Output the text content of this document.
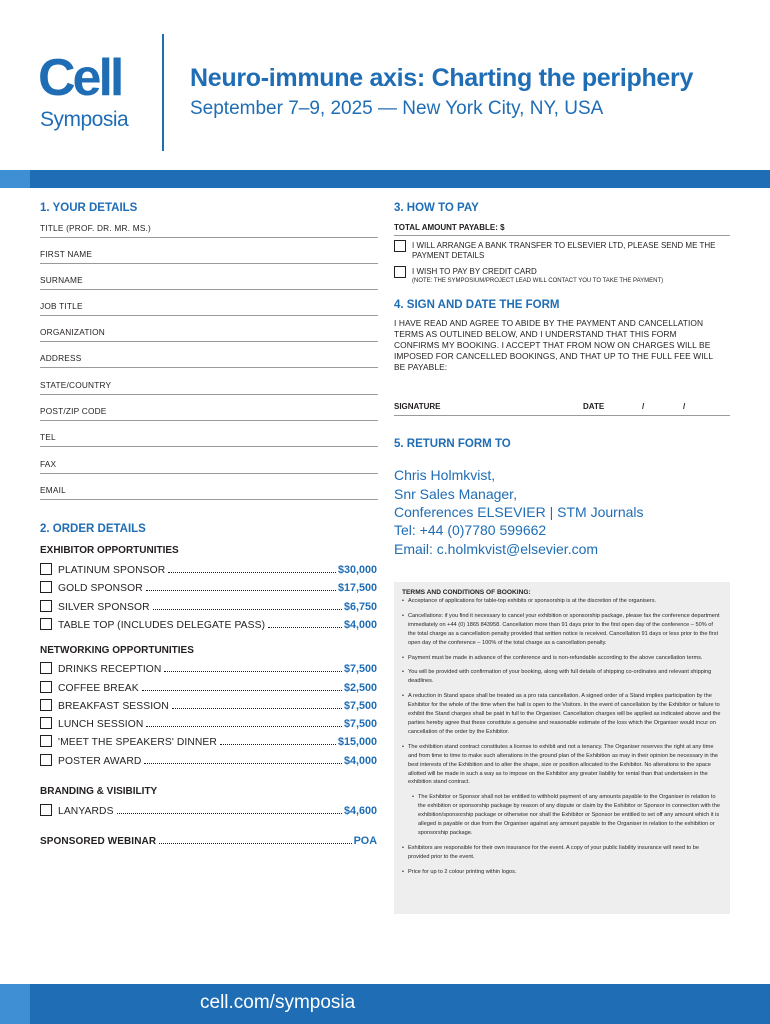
Cell
Symposia
Neuro-immune axis: Charting the periphery
September 7–9, 2025 — New York City, NY, USA
1. YOUR DETAILS
TITLE (PROF. DR. MR. MS.)
FIRST NAME
SURNAME
JOB TITLE
ORGANIZATION
ADDRESS
STATE/COUNTRY
POST/ZIP CODE
TEL
FAX
EMAIL
2. ORDER DETAILS
EXHIBITOR OPPORTUNITIES
PLATINUM SPONSOR	$30,000
GOLD SPONSOR	$17,500
SILVER SPONSOR	$6,750
TABLE TOP (INCLUDES DELEGATE PASS)	$4,000
NETWORKING OPPORTUNITIES
DRINKS RECEPTION	$7,500
COFFEE BREAK	$2,500
BREAKFAST SESSION	$7,500
LUNCH SESSION	$7,500
'MEET THE SPEAKERS' DINNER	$15,000
POSTER AWARD	$4,000
BRANDING & VISIBILITY
LANYARDS	$4,600
SPONSORED WEBINAR	POA
3. HOW TO PAY
TOTAL AMOUNT PAYABLE: $
I WILL ARRANGE A BANK TRANSFER TO ELSEVIER LTD, PLEASE SEND ME THE PAYMENT DETAILS
I WISH TO PAY BY CREDIT CARD
(NOTE: THE SYMPOSIUM/PROJECT LEAD WILL CONTACT YOU TO TAKE THE PAYMENT)
4. SIGN AND DATE THE FORM
I HAVE READ AND AGREE TO ABIDE BY THE PAYMENT AND CANCELLATION TERMS AS OUTLINED BELOW, AND I UNDERSTAND THAT THIS FORM CONFIRMS MY BOOKING. I ACCEPT THAT FROM NOW ON CHARGES WILL BE IMPOSED FOR CANCELLED BOOKINGS, AND THAT UP TO THE FULL FEE WILL BE PAYABLE:
SIGNATURE	DATE	/	/
5. RETURN FORM TO
Chris Holmkvist,
Snr Sales Manager,
Conferences ELSEVIER | STM Journals
Tel: +44 (0)7780 599662
Email: c.holmkvist@elsevier.com
TERMS AND CONDITIONS OF BOOKING:
• Acceptance of applications for table-top exhibits or sponsorship is at the discretion of the organisers.
• Cancellations: if you find it necessary to cancel your exhibition or sponsorship package, please fax the conference department immediately on +44 (0) 1865 843958. Cancellation more than 91 days prior to the first open day of the conference – 50% of the total charge as a cancellation penalty provided that written notice is received. Cancellation 91 days or less prior to the first open day of the conference – 100% of the total charge as a cancellation penalty.
• Payment must be made in advance of the conference and is non-refundable according to the above cancellation terms.
• You will be provided with confirmation of your booking, along with full details of shipping co-ordinates and relevant shipping deadlines.
• A reduction in Stand space shall be treated as a pro rata cancellation. A signed order of a Stand implies participation by the Exhibitor for the whole of the time when the hall is open to the Visitors. In the event of cancellation by the Exhibitor or failure to exhibit the Stand charges shall be paid in full to the Organiser. Cancellation charges will be applied as indicated above and the parties hereby agree that these constitute a genuine and reasonable estimate of the loss which the Organiser would incur on cancellation of the order by the Exhibitor.
• The exhibition stand contract constitutes a license to exhibit and not a tenancy. The Organiser reserves the right at any time and from time to time to make such alterations in the ground plan of the Exhibition as may in their opinion be necessary in the best interests of the Exhibition and to alter the shape, size or position allocated to the Exhibitor. No alterations to the space allotted will be made in such a way as to impose on the Exhibitor any greater liability for rental than that undertaken in the exhibition stand contract.
• The Exhibitor or Sponsor shall not be entitled to withhold payment of any amounts payable to the Organiser in relation to the exhibition or sponsorship package by reason of any dispute or claim by the Exhibitor or Sponsor in connection with the exhibition/sponsorship package or otherwise nor shall the Exhibitor or Sponsor be entitled to set off any amount which it is alleged is payable or due from the Organiser against any amount payable to the Organiser in relation to the exhibition or sponsorship package.
• Exhibitors are responsible for their own insurance for the event. A copy of your public liability insurance will need to be provided prior to the event.
• Price for up to 2 colour printing within logos.
cell.com/symposia
